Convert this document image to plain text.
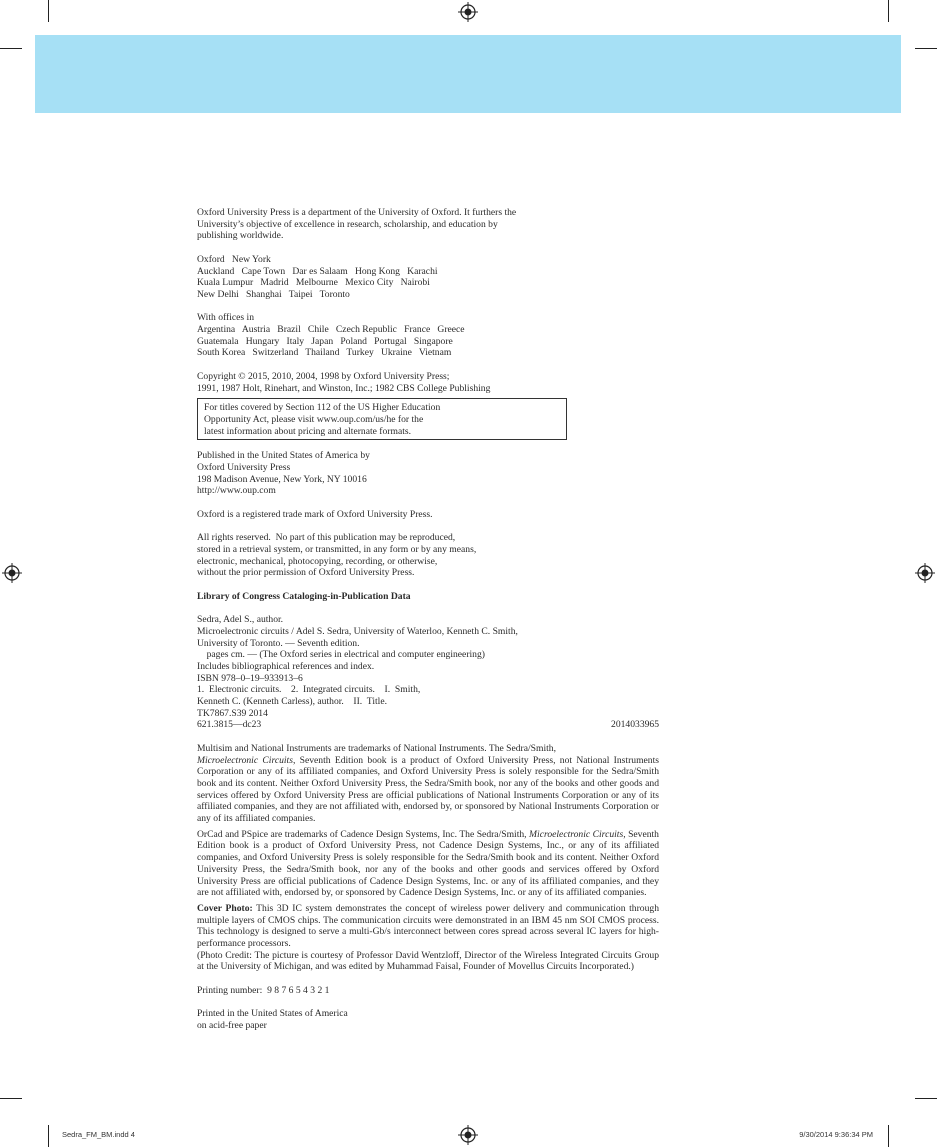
Oxford University Press is a department of the University of Oxford. It furthers the

University’s objective of excellence in research, scholarship, and education by

publishing worldwide.

Oxford   New York

Auckland   Cape Town   Dar es Salaam   Hong Kong   Karachi

Kuala Lumpur   Madrid   Melbourne   Mexico City   Nairobi

New Delhi   Shanghai   Taipei   Toronto

With offices in

Argentina   Austria   Brazil   Chile   Czech Republic   France   Greece

Guatemala   Hungary   Italy   Japan   Poland   Portugal   Singapore

South Korea   Switzerland   Thailand   Turkey   Ukraine   Vietnam

Copyright © 2015, 2010, 2004, 1998 by Oxford University Press;

1991, 1987 Holt, Rinehart, and Winston, Inc.; 1982 CBS College Publishing

For titles covered by Section 112 of the US Higher Education

Opportunity Act, please visit www.oup.com/us/he for the

latest information about pricing and alternate formats.

Published in the United States of America by

Oxford University Press

198 Madison Avenue, New York, NY 10016

http://www.oup.com

Oxford is a registered trade mark of Oxford University Press.

All rights reserved.  No part of this publication may be reproduced,

stored in a retrieval system, or transmitted, in any form or by any means,

electronic, mechanical, photocopying, recording, or otherwise,

without the prior permission of Oxford University Press.

Library of Congress Cataloging-in-Publication Data

Sedra, Adel S., author.

Microelectronic circuits / Adel S. Sedra, University of Waterloo, Kenneth C. Smith,

University of Toronto. — Seventh edition.

pages cm. — (The Oxford series in electrical and computer engineering)

Includes bibliographical references and index.

ISBN 978–0–19–933913–6

1.  Electronic circuits.    2.  Integrated circuits.    I.  Smith,

Kenneth C. (Kenneth Carless), author.    II.  Title.

TK7867.S39 2014

621.3815—dc23	2014033965

Multisim and National Instruments are trademarks of National Instruments. The Sedra/Smith,
Microelectronic Circuits, Seventh Edition book is a product of Oxford University Press, not National Instruments Corporation or any of its affiliated companies, and Oxford University Press is solely responsible for the Sedra/Smith book and its content. Neither Oxford University Press, the Sedra/Smith book, nor any of the books and other goods and services offered by Oxford University Press are official publications of National Instruments Corporation or any of its affiliated companies, and they are not affiliated with, endorsed by, or sponsored by National Instruments Corporation or any of its affiliated companies.

OrCad and PSpice are trademarks of Cadence Design Systems, Inc. The Sedra/Smith, Microelectronic Circuits, Seventh Edition book is a product of Oxford University Press, not Cadence Design Systems, Inc., or any of its affiliated companies, and Oxford University Press is solely responsible for the Sedra/Smith book and its content. Neither Oxford University Press, the Sedra/Smith book, nor any of the books and other goods and services offered by Oxford University Press are official publications of Cadence Design Systems, Inc. or any of its affiliated companies, and they are not affiliated with, endorsed by, or sponsored by Cadence Design Systems, Inc. or any of its affiliated companies.

Cover Photo: This 3D IC system demonstrates the concept of wireless power delivery and communication through multiple layers of CMOS chips. The communication circuits were demonstrated in an IBM 45 nm SOI CMOS process. This technology is designed to serve a multi-Gb/s interconnect between cores spread across several IC layers for high-performance processors.

(Photo Credit: The picture is courtesy of Professor David Wentzloff, Director of the Wireless Integrated Circuits Group at the University of Michigan, and was edited by Muhammad Faisal, Founder of Movellus Circuits Incorporated.)

Printing number:  9 8 7 6 5 4 3 2 1

Printed in the United States of America

on acid-free paper

Sedra_FM_BM.indd 4	9/30/2014 9:36:34 PM
